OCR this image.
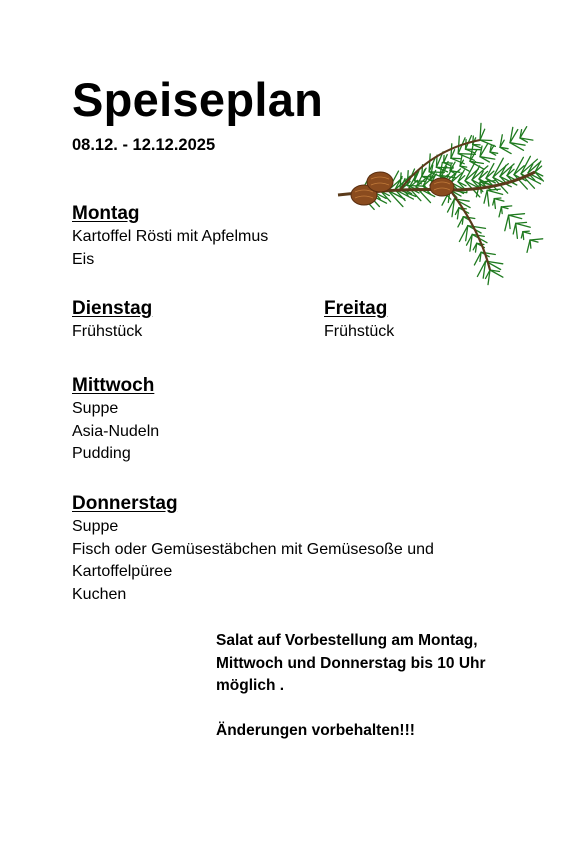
Speiseplan
08.12. - 12.12.2025

Montag

Kartoffel Rösti mit Apfelmus
Eis

Dienstag

Frühstück

Freitag

Frühstück

Mittwoch

Suppe
Asia-Nudeln
Pudding

Donnerstag

Suppe
Fisch oder Gemüsestäbchen mit Gemüsesoße und
Kartoffelpüree
Kuchen

Salat auf Vorbestellung am Montag,

Mittwoch und Donnerstag bis 10 Uhr

möglich .

Änderungen vorbehalten!!!
